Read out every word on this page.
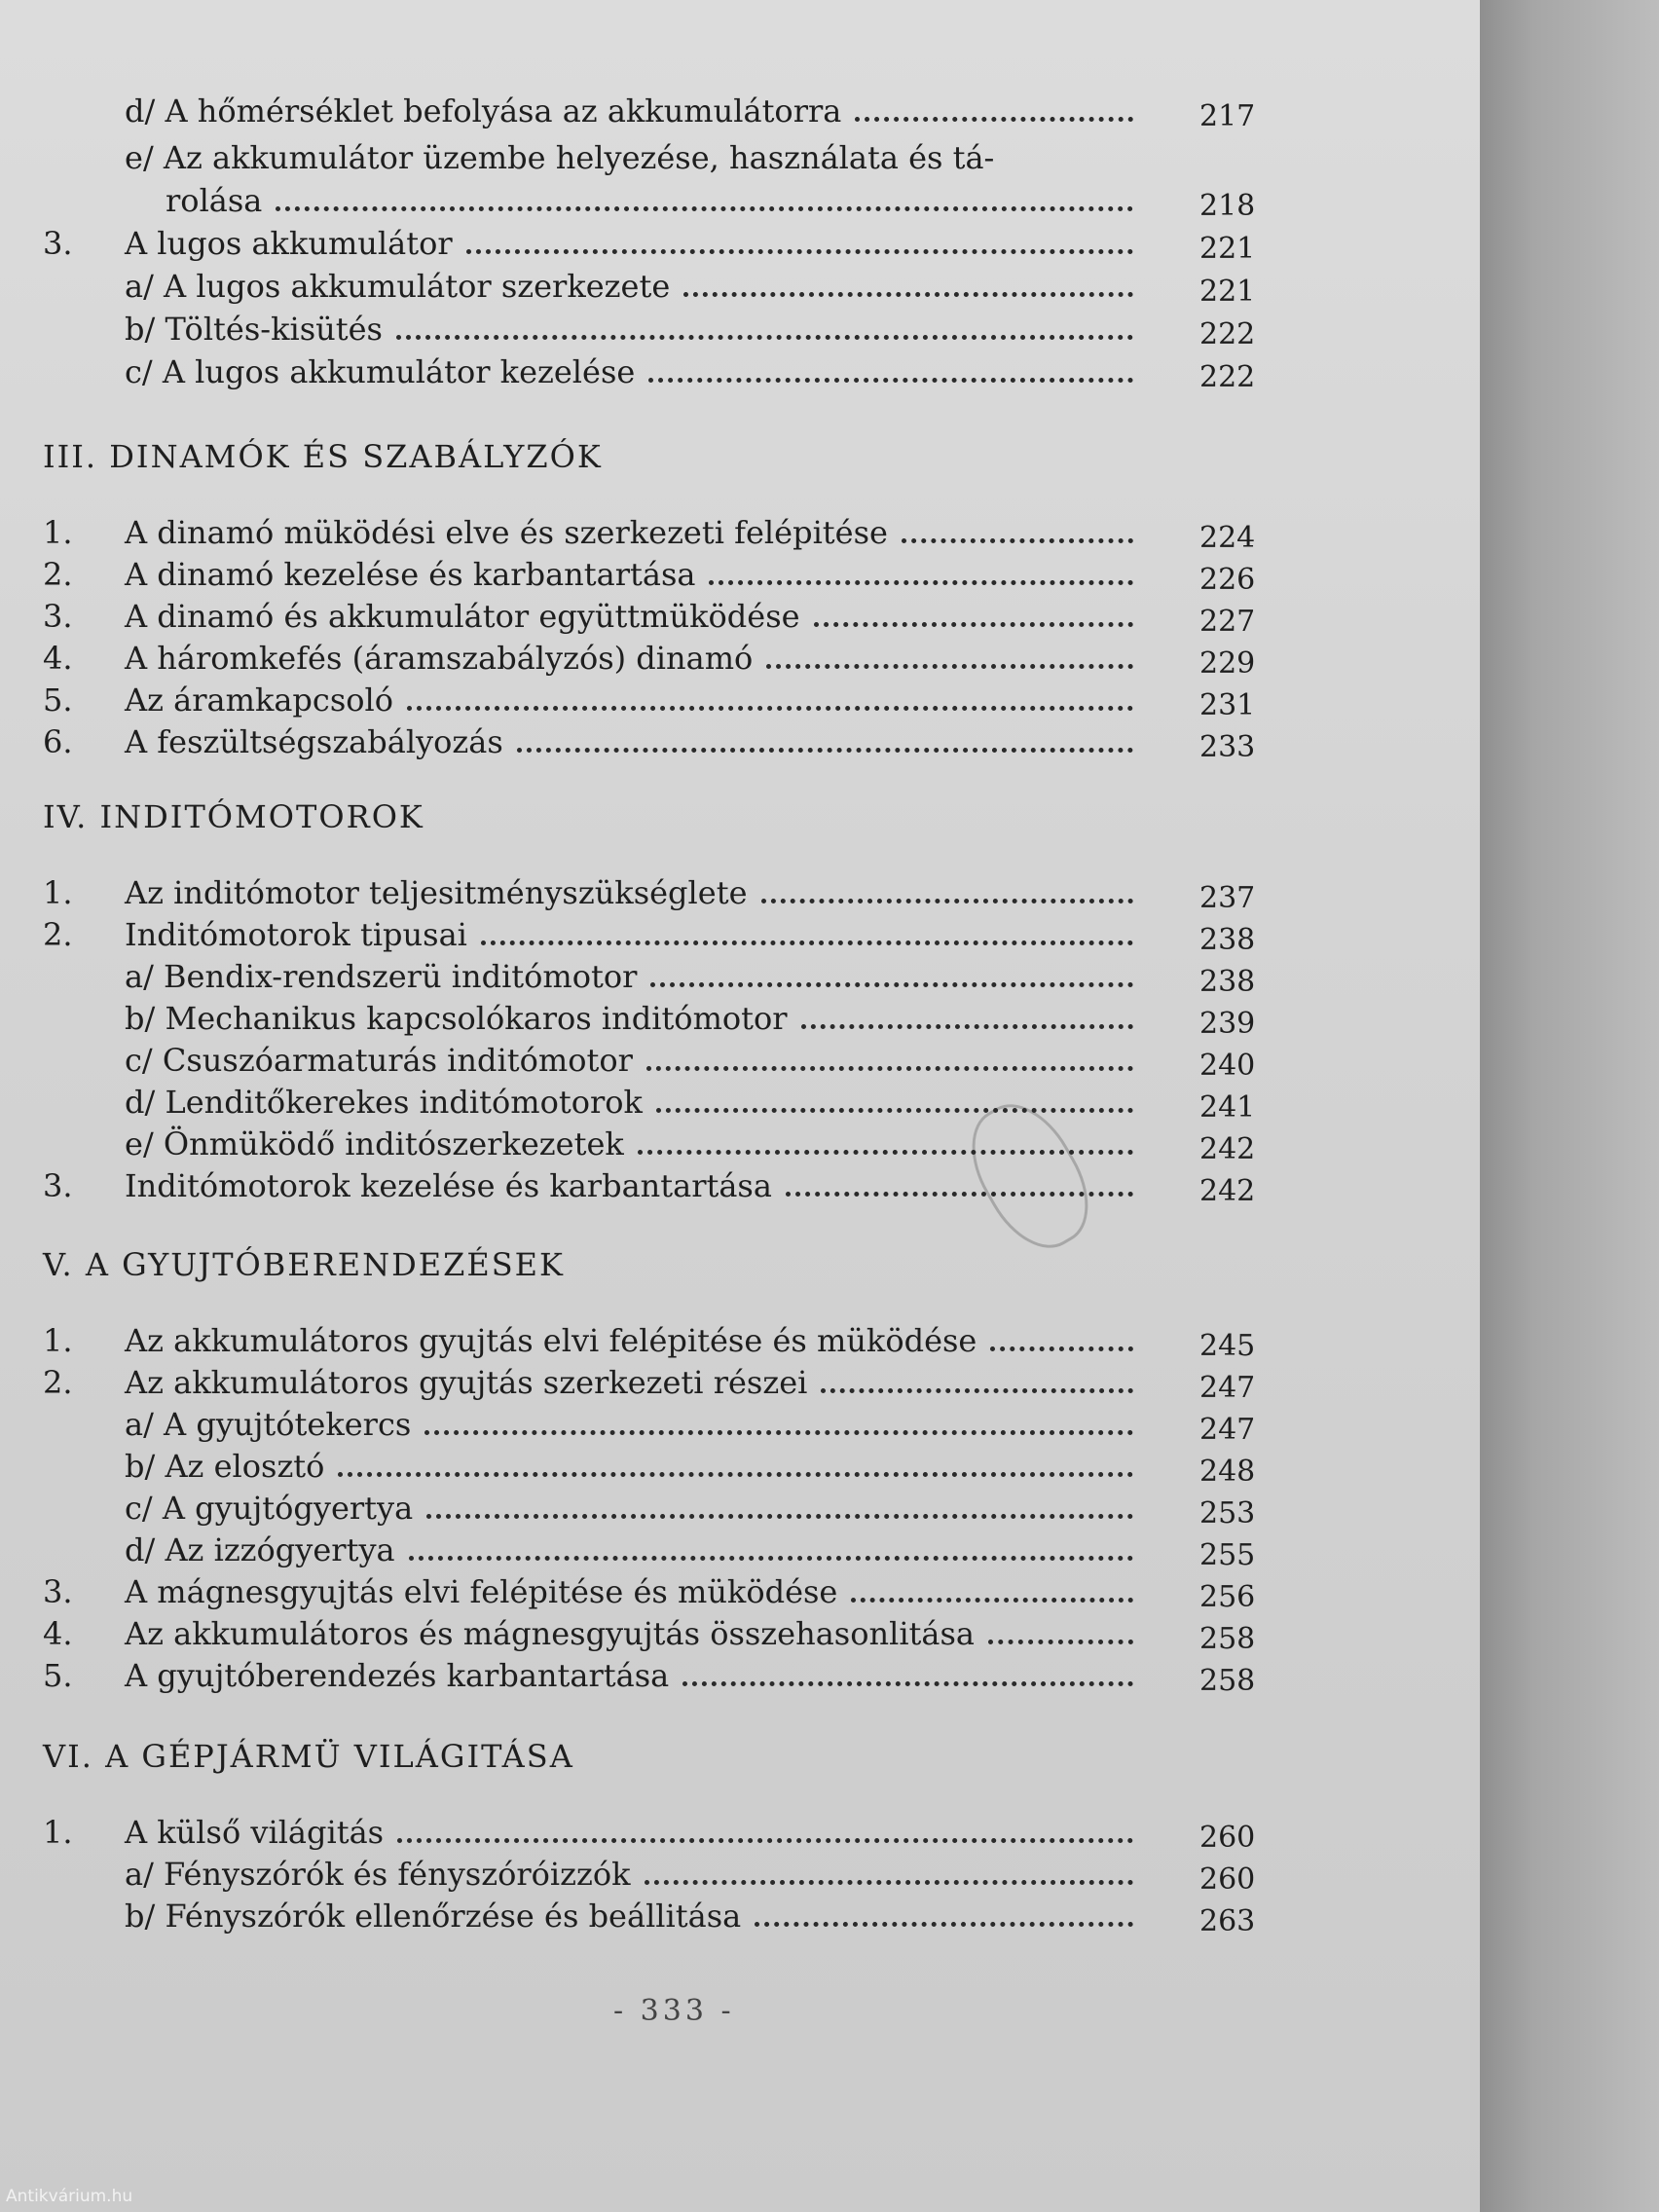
d/ A hőmérséklet befolyása az akkumulátorra	217
e/ Az akkumulátor üzembe helyezése, használata és tá-
rolása	218
3. A lugos akkumulátor	221
a/ A lugos akkumulátor szerkezete	221
b/ Töltés-kisütés	222
c/ A lugos akkumulátor kezelése	222
III. DINAMÓK ÉS SZABÁLYZÓK
1. A dinamó müködési elve és szerkezeti felépitése	224
2. A dinamó kezelése és karbantartása	226
3. A dinamó és akkumulátor együttmüködése	227
4. A háromkefés (áramszabályzós) dinamó	229
5. Az áramkapcsoló	231
6. A feszültségszabályozás	233
IV. INDITÓMOTOROK
1. Az inditómotor teljesitményszükséglete	237
2. Inditómotorok tipusai	238
a/ Bendix-rendszerü inditómotor	238
b/ Mechanikus kapcsolókaros inditómotor	239
c/ Csuszóarmaturás inditómotor	240
d/ Lenditőkerekes inditómotorok	241
e/ Önmüködő inditószerkezetek	242
3. Inditómotorok kezelése és karbantartása	242
V. A GYUJTÓBERENDEZÉSEK
1. Az akkumulátoros gyujtás elvi felépitése és müködése	245
2. Az akkumulátoros gyujtás szerkezeti részei	247
a/ A gyujtótekercs	247
b/ Az elosztó	248
c/ A gyujtógyertya	253
d/ Az izzógyertya	255
3. A mágnesgyujtás elvi felépitése és müködése	256
4. Az akkumulátoros és mágnesgyujtás összehasonlitása	258
5. A gyujtóberendezés karbantartása	258
VI. A GÉPJÁRMÜ VILÁGITÁSA
1. A külső világitás	260
a/ Fényszórók és fényszóróizzók	260
b/ Fényszórók ellenőrzése és beállitása	263
- 333 -
Antikvárium.hu
